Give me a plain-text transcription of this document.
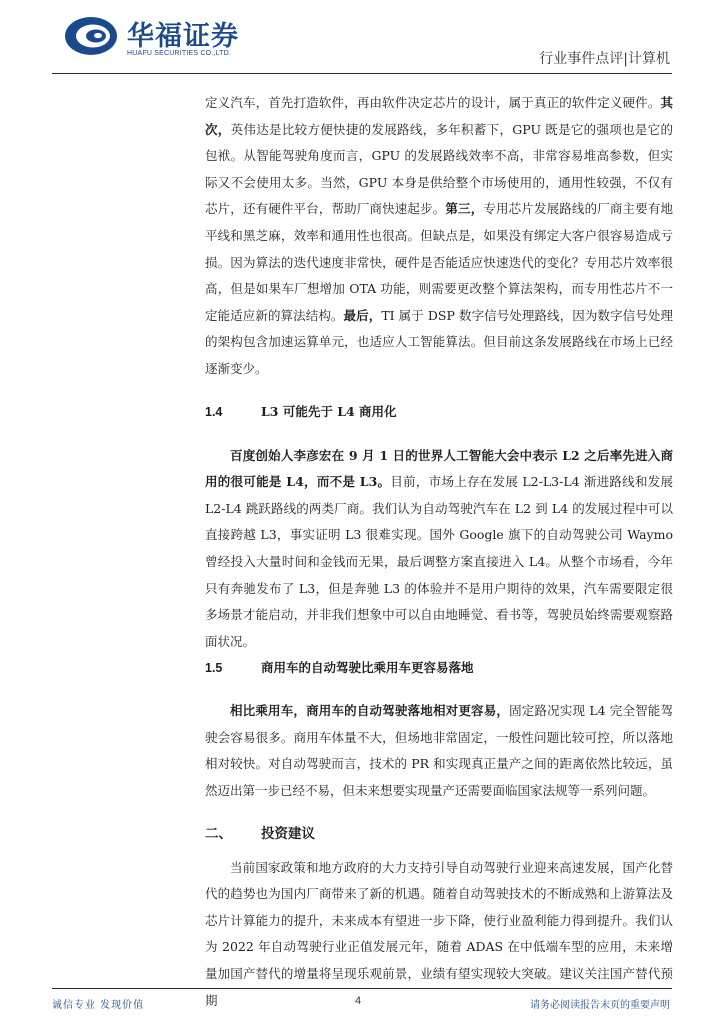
华福证券
HUAFU SECURITIES CO.,LTD.	行业事件点评|计算机

定义汽车，首先打造软件，再由软件决定芯片的设计，属于真正的软件定义硬件。其次，英伟达是比较方便快捷的发展路线，多年积蓄下，GPU 既是它的强项也是它的包袱。从智能驾驶角度而言，GPU 的发展路线效率不高，非常容易堆高参数，但实际又不会使用太多。当然，GPU 本身是供给整个市场使用的，通用性较强，不仅有芯片，还有硬件平台，帮助厂商快速起步。第三，专用芯片发展路线的厂商主要有地平线和黑芝麻，效率和通用性也很高。但缺点是，如果没有绑定大客户很容易造成亏损。因为算法的迭代速度非常快，硬件是否能适应快速迭代的变化？专用芯片效率很高，但是如果车厂想增加 OTA 功能，则需要更改整个算法架构，而专用性芯片不一定能适应新的算法结构。最后，TI 属于 DSP 数字信号处理路线，因为数字信号处理的架构包含加速运算单元，也适应人工智能算法。但目前这条发展路线在市场上已经逐渐变少。

1.4	L3 可能先于 L4 商用化

百度创始人李彦宏在 9 月 1 日的世界人工智能大会中表示 L2 之后率先进入商用的很可能是 L4，而不是 L3。目前，市场上存在发展 L2-L3-L4 渐进路线和发展 L2-L4 跳跃路线的两类厂商。我们认为自动驾驶汽车在 L2 到 L4 的发展过程中可以直接跨越 L3，事实证明 L3 很难实现。国外 Google 旗下的自动驾驶公司 Waymo 曾经投入大量时间和金钱而无果，最后调整方案直接进入 L4。从整个市场看，今年只有奔驰发布了 L3，但是奔驰 L3 的体验并不是用户期待的效果，汽车需要限定很多场景才能启动，并非我们想象中可以自由地睡觉、看书等，驾驶员始终需要观察路面状况。

1.5	商用车的自动驾驶比乘用车更容易落地

相比乘用车，商用车的自动驾驶落地相对更容易，固定路况实现 L4 完全智能驾驶会容易很多。商用车体量不大，但场地非常固定，一般性问题比较可控，所以落地相对较快。对自动驾驶而言，技术的 PR 和实现真正量产之间的距离依然比较远，虽然迈出第一步已经不易，但未来想要实现量产还需要面临国家法规等一系列问题。

二、	投资建议

当前国家政策和地方政府的大力支持引导自动驾驶行业迎来高速发展，国产化替代的趋势也为国内厂商带来了新的机遇。随着自动驾驶技术的不断成熟和上游算法及芯片计算能力的提升，未来成本有望进一步下降，使行业盈利能力得到提升。我们认为 2022 年自动驾驶行业正值发展元年，随着 ADAS 在中低端车型的应用，未来增量加国产替代的增量将呈现乐观前景，业绩有望实现较大突破。建议关注国产替代预期

诚信专业 发现价值	4	请务必阅读报告末页的重要声明
